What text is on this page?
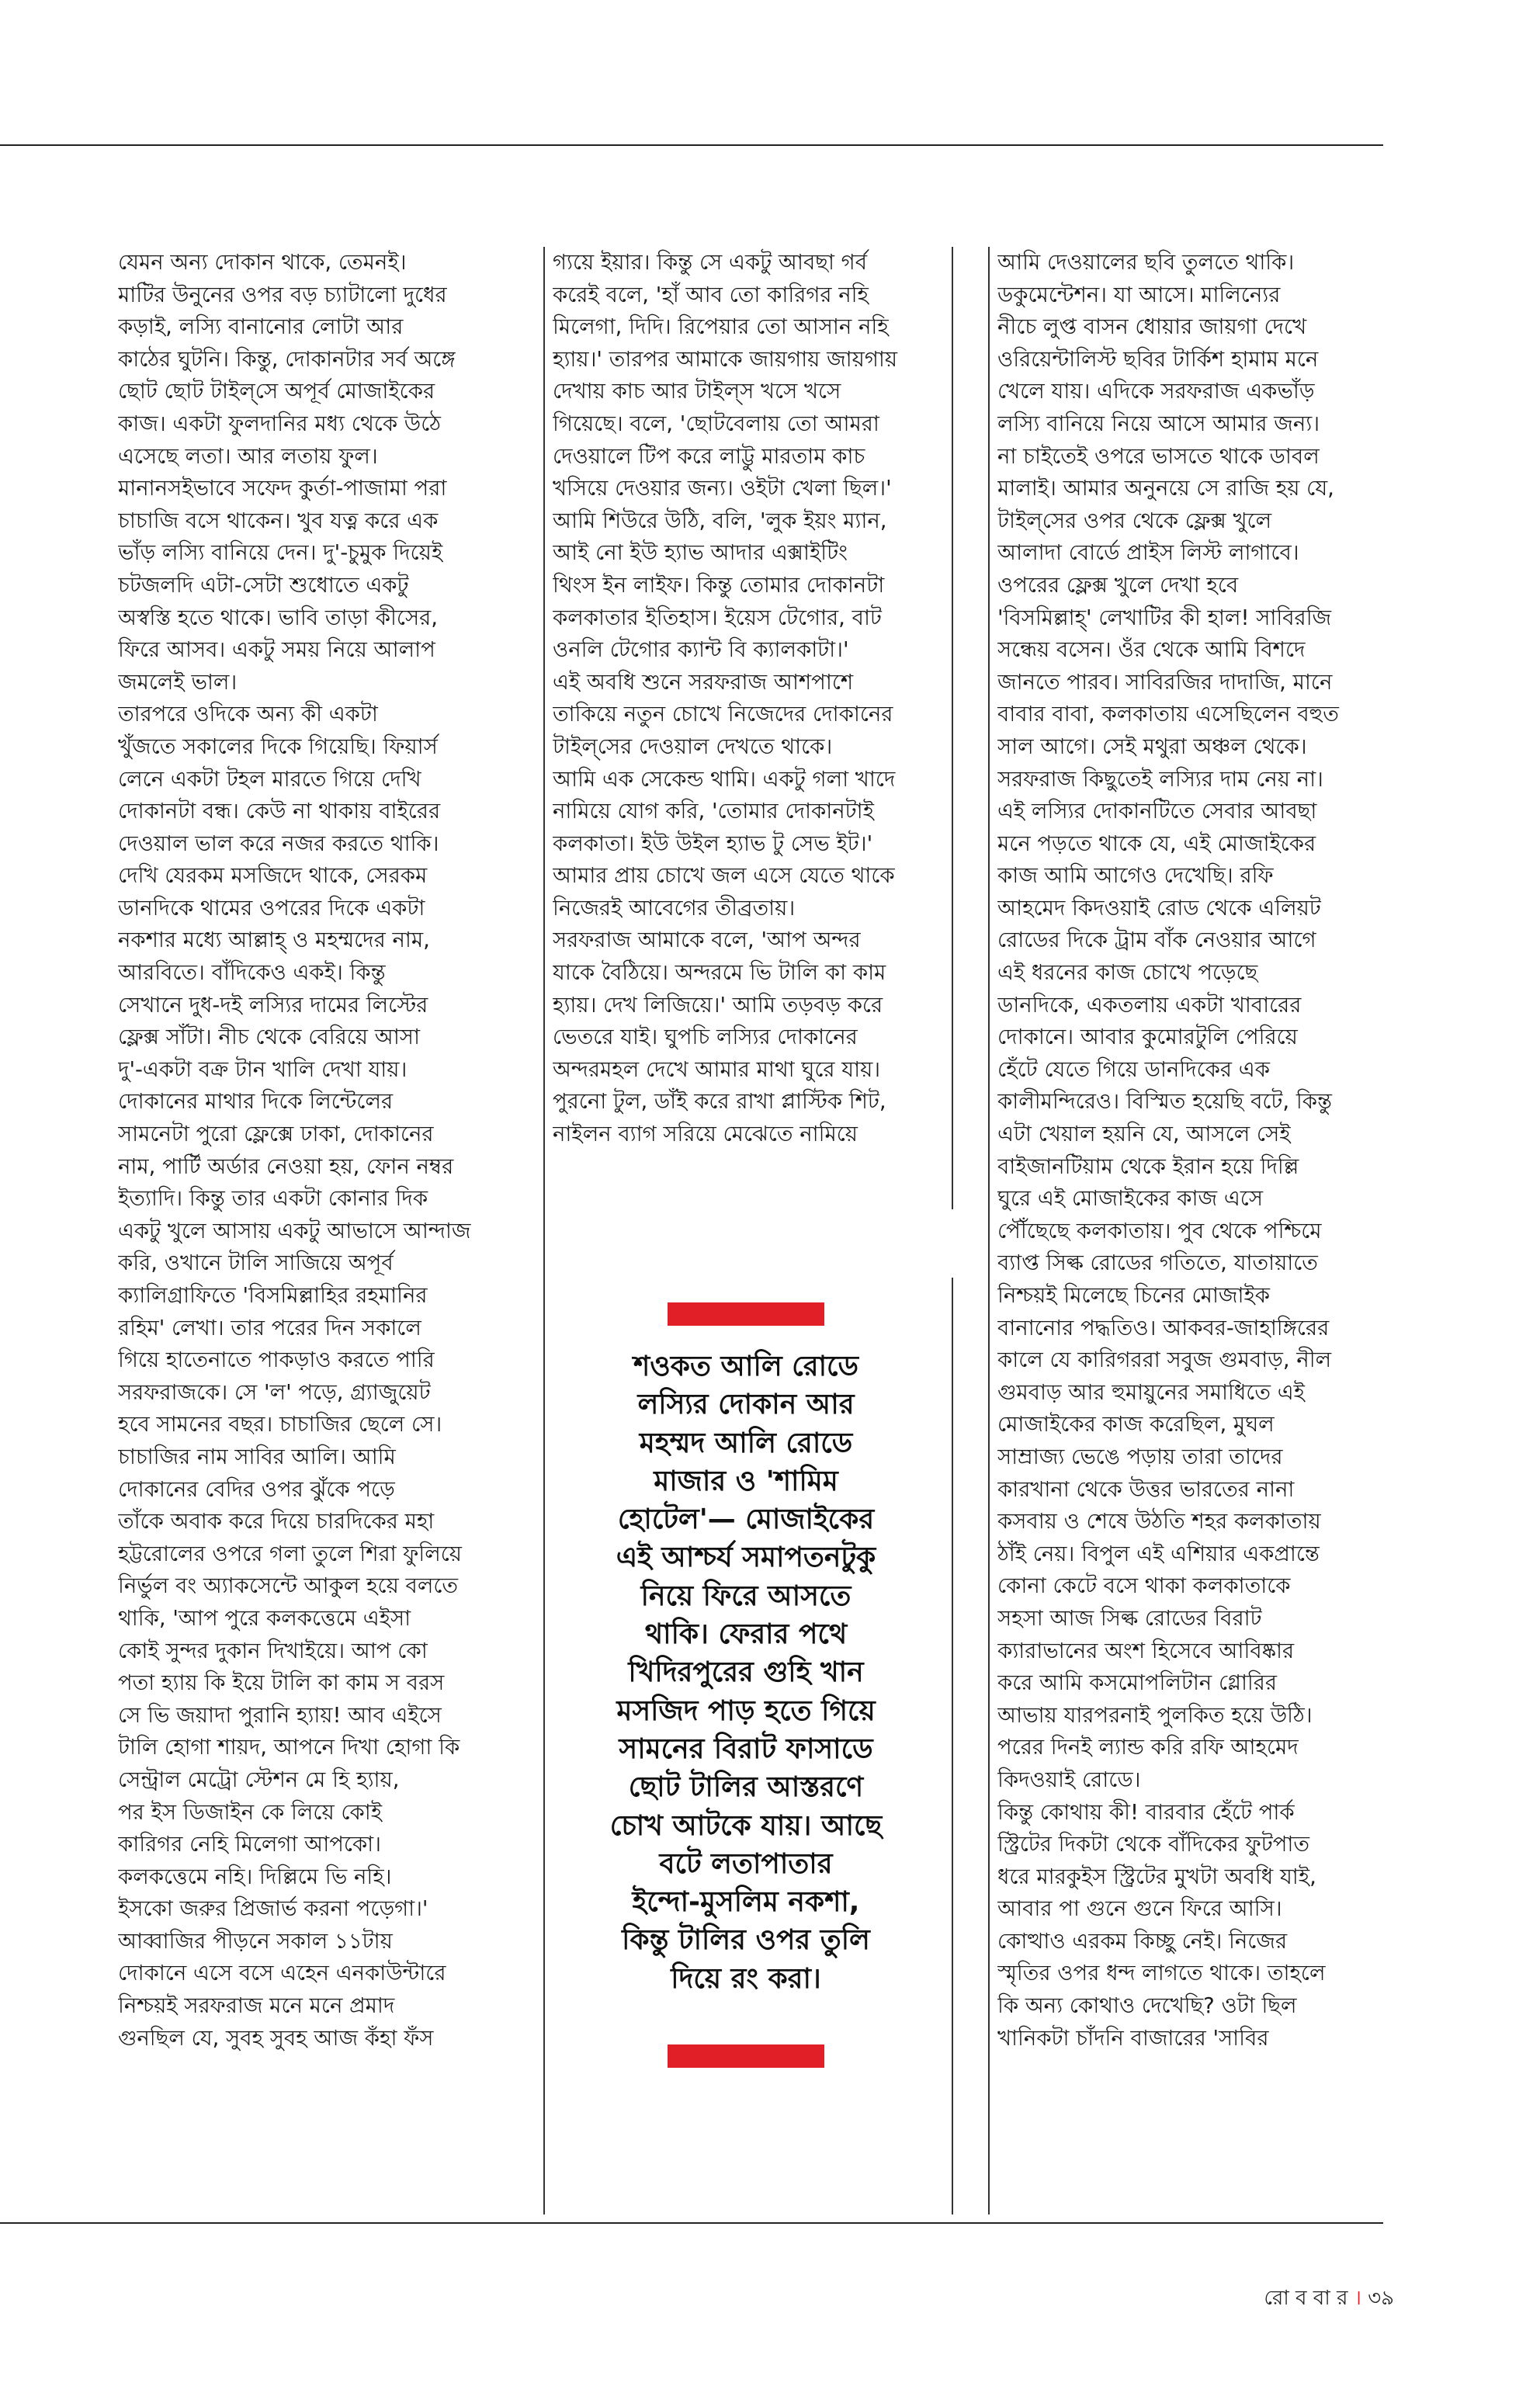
যেমন অন্য দোকান থাকে, তেমনই।
মাটির উনুনের ওপর বড় চ্যাটালো দুধের
কড়াই, লস্যি বানানোর লোটা আর
কাঠের ঘুটনি। কিন্তু, দোকানটার সর্ব অঙ্গে
ছোট ছোট টাইল্‌সে অপূর্ব মোজাইকের
কাজ। একটা ফুলদানির মধ্য থেকে উঠে
এসেছে লতা। আর লতায় ফুল।
মানানসইভাবে সফেদ কুর্তা-পাজামা পরা
চাচাজি বসে থাকেন। খুব যত্ন করে এক
ভাঁড় লস্যি বানিয়ে দেন। দু'-চুমুক দিয়েই
চটজলদি এটা-সেটা শুধোতে একটু
অস্বস্তি হতে থাকে। ভাবি তাড়া কীসের,
ফিরে আসব। একটু সময় নিয়ে আলাপ
জমলেই ভাল।
তারপরে ওদিকে অন্য কী একটা
খুঁজতে সকালের দিকে গিয়েছি। ফিয়ার্স
লেনে একটা টহল মারতে গিয়ে দেখি
দোকানটা বন্ধ। কেউ না থাকায় বাইরের
দেওয়াল ভাল করে নজর করতে থাকি।
দেখি যেরকম মসজিদে থাকে, সেরকম
ডানদিকে থামের ওপরের দিকে একটা
নকশার মধ্যে আল্লাহ্‌ ও মহম্মদের নাম,
আরবিতে। বাঁদিকেও একই। কিন্তু
সেখানে দুধ-দই লস্যির দামের লিস্টের
ফ্লেক্স সাঁটা। নীচ থেকে বেরিয়ে আসা
দু'-একটা বক্র টান খালি দেখা যায়।
দোকানের মাথার দিকে লিন্টেলের
সামনেটা পুরো ফ্লেক্সে ঢাকা, দোকানের
নাম, পার্টি অর্ডার নেওয়া হয়, ফোন নম্বর
ইত্যাদি। কিন্তু তার একটা কোনার দিক
একটু খুলে আসায় একটু আভাসে আন্দাজ
করি, ওখানে টালি সাজিয়ে অপূর্ব
ক্যালিগ্রাফিতে 'বিসমিল্লাহির রহমানির
রহিম' লেখা। তার পরের দিন সকালে
গিয়ে হাতেনাতে পাকড়াও করতে পারি
সরফরাজকে। সে 'ল' পড়ে, গ্র্যাজুয়েট
হবে সামনের বছর। চাচাজির ছেলে সে।
চাচাজির নাম সাবির আলি। আমি
দোকানের বেদির ওপর ঝুঁকে পড়ে
তাঁকে অবাক করে দিয়ে চারদিকের মহা
হট্টরোলের ওপরে গলা তুলে শিরা ফুলিয়ে
নির্ভুল বং অ্যাকসেন্টে আকুল হয়ে বলতে
থাকি, 'আপ পুরে কলকত্তেমে এইসা
কোই সুন্দর দুকান দিখাইয়ে। আপ কো
পতা হ্যায় কি ইয়ে টালি কা কাম স বরস
সে ভি জয়াদা পুরানি হ্যায়! আব এইসে
টালি হোগা শায়দ, আপনে দিখা হোগা কি
সেন্ট্রাল মেট্রো স্টেশন মে হি হ্যায়,
পর ইস ডিজাইন কে লিয়ে কোই
কারিগর নেহি মিলেগা আপকো।
কলকত্তেমে নহি। দিল্লিমে ভি নহি।
ইসকো জরুর প্রিজার্ভ করনা পড়েগা।'
আব্বাজির পীড়নে সকাল ১১টায়
দোকানে এসে বসে এহেন এনকাউন্টারে
নিশ্চয়ই সরফরাজ মনে মনে প্রমাদ
গুনছিল যে, সুবহ সুবহ আজ কঁহা ফঁস
গ্যয়ে ইয়ার। কিন্তু সে একটু আবছা গর্ব
করেই বলে, 'হাঁ আব তো কারিগর নহি
মিলেগা, দিদি। রিপেয়ার তো আসান নহি
হ্যায়।' তারপর আমাকে জায়গায় জায়গায়
দেখায় কাচ আর টাইল্‌স খসে খসে
গিয়েছে। বলে, 'ছোটবেলায় তো আমরা
দেওয়ালে টিপ করে লাট্টু মারতাম কাচ
খসিয়ে দেওয়ার জন্য। ওইটা খেলা ছিল।'
আমি শিউরে উঠি, বলি, 'লুক ইয়ং ম্যান,
আই নো ইউ হ্যাভ আদার এক্সাইটিং
থিংস ইন লাইফ। কিন্তু তোমার দোকানটা
কলকাতার ইতিহাস। ইয়েস টেগোর, বাট
ওনলি টেগোর ক্যান্ট বি ক্যালকাটা।'
এই অবধি শুনে সরফরাজ আশপাশে
তাকিয়ে নতুন চোখে নিজেদের দোকানের
টাইল্‌সের দেওয়াল দেখতে থাকে।
আমি এক সেকেন্ড থামি। একটু গলা খাদে
নামিয়ে যোগ করি, 'তোমার দোকানটাই
কলকাতা। ইউ উইল হ্যাভ টু সেভ ইট।'
আমার প্রায় চোখে জল এসে যেতে থাকে
নিজেরই আবেগের তীব্রতায়।
সরফরাজ আমাকে বলে, 'আপ অন্দর
যাকে বৈঠিয়ে। অন্দরমে ভি টালি কা কাম
হ্যায়। দেখ লিজিয়ে।' আমি তড়বড় করে
ভেতরে যাই। ঘুপচি লস্যির দোকানের
অন্দরমহল দেখে আমার মাথা ঘুরে যায়।
পুরনো টুল, ডাঁই করে রাখা প্লাস্টিক শিট,
নাইলন ব্যাগ সরিয়ে মেঝেতে নামিয়ে
শওকত আলি রোডে
লস্যির দোকান আর
মহম্মদ আলি রোডে
মাজার ও 'শামিম
হোটেল'— মোজাইকের
এই আশ্চর্য সমাপতনটুকু
নিয়ে ফিরে আসতে
থাকি। ফেরার পথে
খিদিরপুরের গুহি খান
মসজিদ পাড় হতে গিয়ে
সামনের বিরাট ফাসাডে
ছোট টালির আস্তরণে
চোখ আটকে যায়। আছে
বটে লতাপাতার
ইন্দো-মুসলিম নকশা,
কিন্তু টালির ওপর তুলি
দিয়ে রং করা।
আমি দেওয়ালের ছবি তুলতে থাকি।
ডকুমেন্টেশন। যা আসে। মালিন্যের
নীচে লুপ্ত বাসন ধোয়ার জায়গা দেখে
ওরিয়েন্টালিস্ট ছবির টার্কিশ হামাম মনে
খেলে যায়। এদিকে সরফরাজ একভাঁড়
লস্যি বানিয়ে নিয়ে আসে আমার জন্য।
না চাইতেই ওপরে ভাসতে থাকে ডাবল
মালাই। আমার অনুনয়ে সে রাজি হয় যে,
টাইল্‌সের ওপর থেকে ফ্লেক্স খুলে
আলাদা বোর্ডে প্রাইস লিস্ট লাগাবে।
ওপরের ফ্লেক্স খুলে দেখা হবে
'বিসমিল্লাহ্‌' লেখাটির কী হাল! সাবিরজি
সন্ধেয় বসেন। ওঁর থেকে আমি বিশদে
জানতে পারব। সাবিরজির দাদাজি, মানে
বাবার বাবা, কলকাতায় এসেছিলেন বহুত
সাল আগে। সেই মথুরা অঞ্চল থেকে।
সরফরাজ কিছুতেই লস্যির দাম নেয় না।
এই লস্যির দোকানটিতে সেবার আবছা
মনে পড়তে থাকে যে, এই মোজাইকের
কাজ আমি আগেও দেখেছি। রফি
আহমেদ কিদওয়াই রোড থেকে এলিয়ট
রোডের দিকে ট্রাম বাঁক নেওয়ার আগে
এই ধরনের কাজ চোখে পড়েছে
ডানদিকে, একতলায় একটা খাবারের
দোকানে। আবার কুমোরটুলি পেরিয়ে
হেঁটে যেতে গিয়ে ডানদিকের এক
কালীমন্দিরেও। বিস্মিত হয়েছি বটে, কিন্তু
এটা খেয়াল হয়নি যে, আসলে সেই
বাইজানটিয়াম থেকে ইরান হয়ে দিল্লি
ঘুরে এই মোজাইকের কাজ এসে
পৌঁছেছে কলকাতায়। পুব থেকে পশ্চিমে
ব্যাপ্ত সিল্ক রোডের গতিতে, যাতায়াতে
নিশ্চয়ই মিলেছে চিনের মোজাইক
বানানোর পদ্ধতিও। আকবর-জাহাঙ্গিরের
কালে যে কারিগররা সবুজ গুমবাড়, নীল
গুমবাড় আর হুমায়ুনের সমাধিতে এই
মোজাইকের কাজ করেছিল, মুঘল
সাম্রাজ্য ভেঙে পড়ায় তারা তাদের
কারখানা থেকে উত্তর ভারতের নানা
কসবায় ও শেষে উঠতি শহর কলকাতায়
ঠাঁই নেয়। বিপুল এই এশিয়ার একপ্রান্তে
কোনা কেটে বসে থাকা কলকাতাকে
সহসা আজ সিল্ক রোডের বিরাট
ক্যারাভানের অংশ হিসেবে আবিষ্কার
করে আমি কসমোপলিটান গ্লোরির
আভায় যারপরনাই পুলকিত হয়ে উঠি।
পরের দিনই ল্যান্ড করি রফি আহমেদ
কিদওয়াই রোডে।
কিন্তু কোথায় কী! বারবার হেঁটে পার্ক
স্ট্রিটের দিকটা থেকে বাঁদিকের ফুটপাত
ধরে মারকুইস স্ট্রিটের মুখটা অবধি যাই,
আবার পা গুনে গুনে ফিরে আসি।
কোত্থাও এরকম কিচ্ছু নেই। নিজের
স্মৃতির ওপর ধন্দ লাগতে থাকে। তাহলে
কি অন্য কোথাও দেখেছি? ওটা ছিল
খানিকটা চাঁদনি বাজারের 'সাবির
রো ব বা র । ৩৯
